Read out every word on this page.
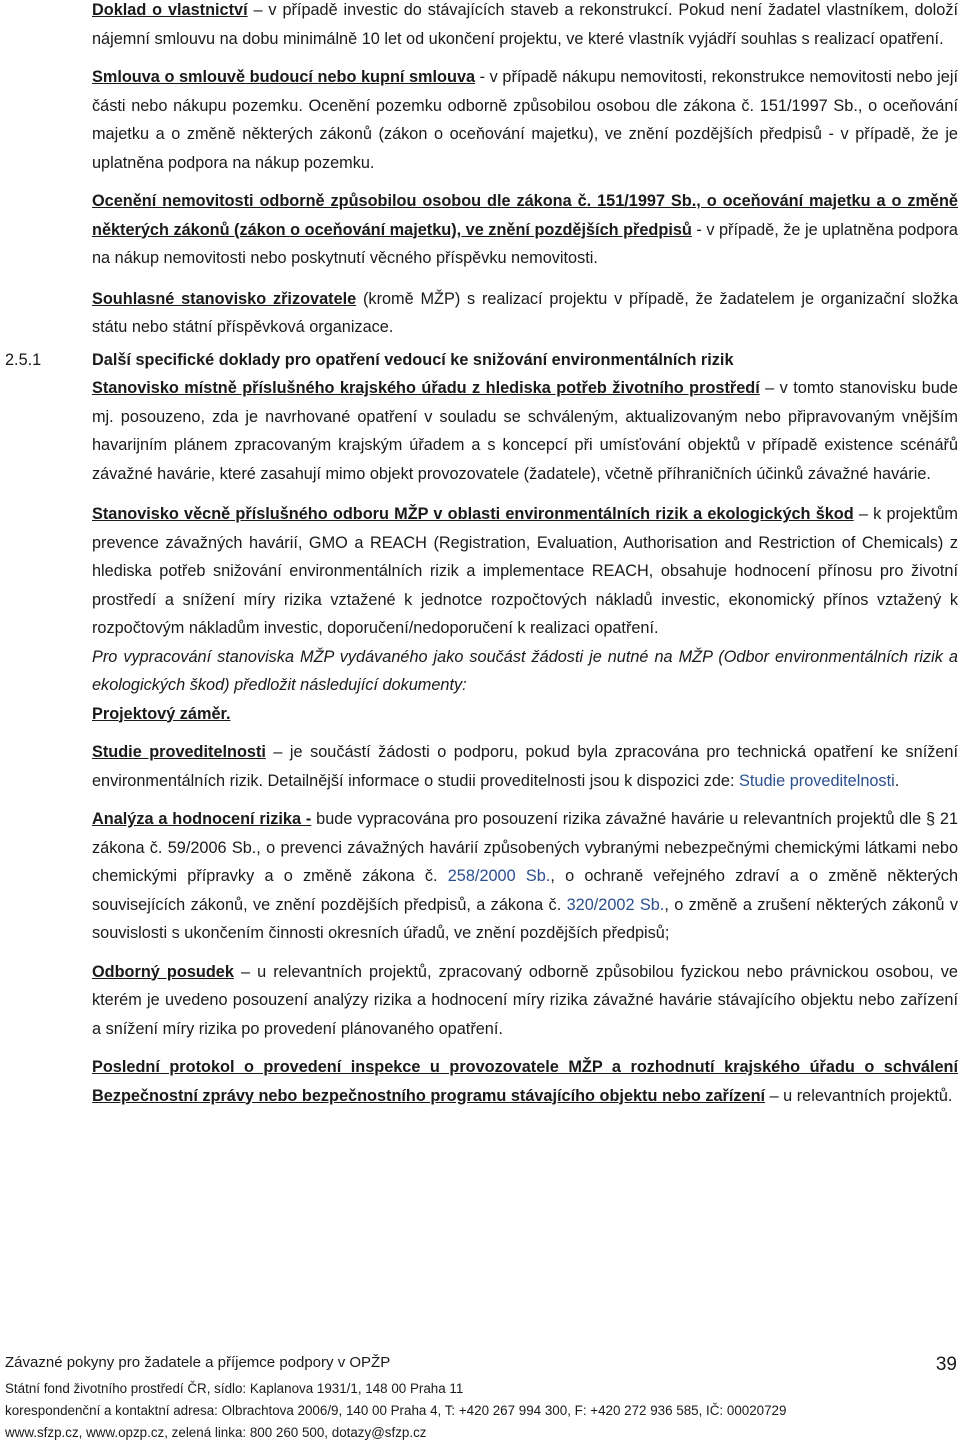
Doklad o vlastnictví – v případě investic do stávajících staveb a rekonstrukcí. Pokud není žadatel vlastníkem, doloží nájemní smlouvu na dobu minimálně 10 let od ukončení projektu, ve které vlastník vyjádří souhlas s realizací opatření.

Smlouva o smlouvě budoucí nebo kupní smlouva - v případě nákupu nemovitosti, rekonstrukce nemovitosti nebo její části nebo nákupu pozemku. Ocenění pozemku odborně způsobilou osobou dle zákona č. 151/1997 Sb., o oceňování majetku a o změně některých zákonů (zákon o oceňování majetku), ve znění pozdějších předpisů - v případě, že je uplatněna podpora na nákup pozemku.

Ocenění nemovitosti odborně způsobilou osobou dle zákona č. 151/1997 Sb., o oceňování majetku a o změně některých zákonů (zákon o oceňování majetku), ve znění pozdějších předpisů - v případě, že je uplatněna podpora na nákup nemovitosti nebo poskytnutí věcného příspěvku nemovitosti.

Souhlasné stanovisko zřizovatele (kromě MŽP) s realizací projektu v případě, že žadatelem je organizační složka státu nebo státní příspěvková organizace.

2.5.1	Další specifické doklady pro opatření vedoucí ke snižování environmentálních rizik

Stanovisko místně příslušného krajského úřadu z hlediska potřeb životního prostředí – v tomto stanovisku bude mj. posouzeno, zda je navrhované opatření v souladu se schváleným, aktualizovaným nebo připravovaným vnějším havarijním plánem zpracovaným krajským úřadem a s koncepcí při umísťování objektů v případě existence scénářů závažné havárie, které zasahují mimo objekt provozovatele (žadatele), včetně příhraničních účinků závažné havárie.

Stanovisko věcně příslušného odboru MŽP v oblasti environmentálních rizik a ekologických škod – k projektům prevence závažných havárií, GMO a REACH (Registration, Evaluation, Authorisation and Restriction of Chemicals) z hlediska potřeb snižování environmentálních rizik a implementace REACH, obsahuje hodnocení přínosu pro životní prostředí a snížení míry rizika vztažené k jednotce rozpočtových nákladů investic, ekonomický přínos vztažený k rozpočtovým nákladům investic, doporučení/nedoporučení k realizaci opatření.

Pro vypracování stanoviska MŽP vydávaného jako součást žádosti je nutné na MŽP (Odbor environmentálních rizik a ekologických škod) předložit následující dokumenty:

Projektový záměr.

Studie proveditelnosti – je součástí žádosti o podporu, pokud byla zpracována pro technická opatření ke snížení environmentálních rizik. Detailnější informace o studii proveditelnosti jsou k dispozici zde: Studie proveditelnosti.

Analýza a hodnocení rizika - bude vypracována pro posouzení rizika závažné havárie u relevantních projektů dle § 21 zákona č. 59/2006 Sb., o prevenci závažných havárií způsobených vybranými nebezpečnými chemickými látkami nebo chemickými přípravky a o změně zákona č. 258/2000 Sb., o ochraně veřejného zdraví a o změně některých souvisejících zákonů, ve znění pozdějších předpisů, a zákona č. 320/2002 Sb., o změně a zrušení některých zákonů v souvislosti s ukončením činnosti okresních úřadů, ve znění pozdějších předpisů;

Odborný posudek – u relevantních projektů, zpracovaný odborně způsobilou fyzickou nebo právnickou osobou, ve kterém je uvedeno posouzení analýzy rizika a hodnocení míry rizika závažné havárie stávajícího objektu nebo zařízení a snížení míry rizika po provedení plánovaného opatření.

Poslední protokol o provedení inspekce u provozovatele MŽP a rozhodnutí krajského úřadu o schválení Bezpečnostní zprávy nebo bezpečnostního programu stávajícího objektu nebo zařízení – u relevantních projektů.

Závazné pokyny pro žadatele a příjemce podpory v OPŽP	39
Státní fond životního prostředí ČR, sídlo: Kaplanova 1931/1, 148 00 Praha 11
korespondenční a kontaktní adresa: Olbrachtova 2006/9, 140 00 Praha 4, T: +420 267 994 300, F: +420 272 936 585, IČ: 00020729
www.sfzp.cz, www.opzp.cz, zelená linka: 800 260 500, dotazy@sfzp.cz
